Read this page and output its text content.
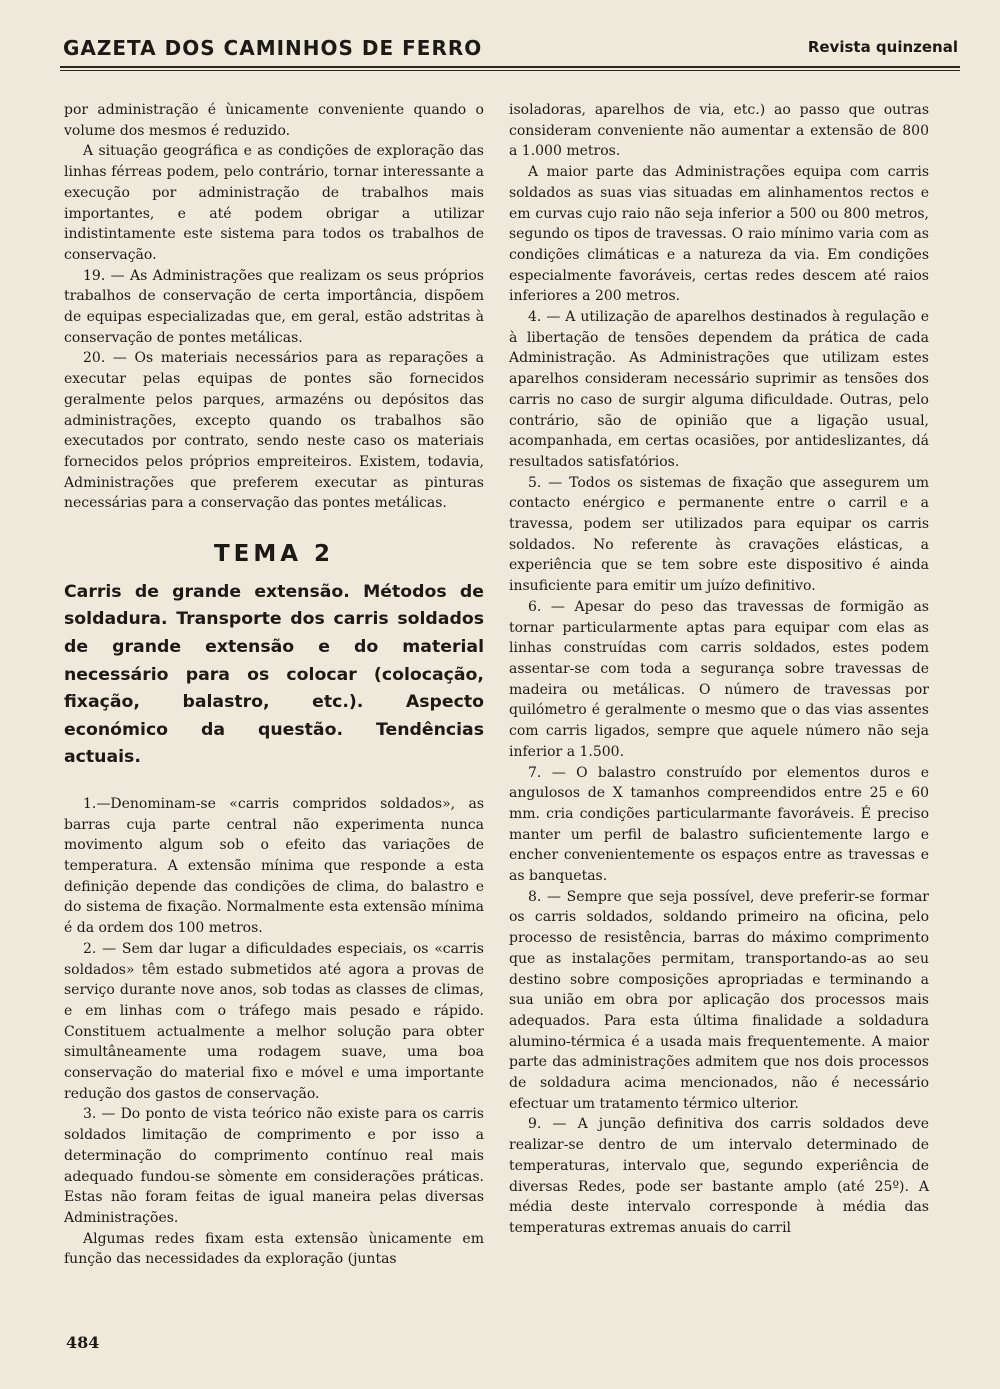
GAZETA DOS CAMINHOS DE FERRO	Revista quinzenal

por administração é ùnicamente conveniente quando o volume dos mesmos é reduzido.

A situação geográfica e as condições de exploração das linhas férreas podem, pelo contrário, tornar interessante a execução por administração de trabalhos mais importantes, e até podem obrigar a utilizar indistintamente este sistema para todos os trabalhos de conservação.

19. — As Administrações que realizam os seus próprios trabalhos de conservação de certa importância, dispõem de equipas especializadas que, em geral, estão adstritas à conservação de pontes metálicas.

20. — Os materiais necessários para as reparações a executar pelas equipas de pontes são fornecidos geralmente pelos parques, armazéns ou depósitos das administrações, excepto quando os trabalhos são executados por contrato, sendo neste caso os materiais fornecidos pelos próprios empreiteiros. Existem, todavia, Administrações que preferem executar as pinturas necessárias para a conservação das pontes metálicas.

TEMA 2
Carris de grande extensão. Métodos de soldadura. Transporte dos carris soldados de grande extensão e do material necessário para os colocar (colocação, fixação, balastro, etc.). Aspecto económico da questão. Tendências actuais.

1.—Denominam-se «carris compridos soldados», as barras cuja parte central não experimenta nunca movimento algum sob o efeito das variações de temperatura. A extensão mínima que responde a esta definição depende das condições de clima, do balastro e do sistema de fixação. Normalmente esta extensão mínima é da ordem dos 100 metros.

2. — Sem dar lugar a dificuldades especiais, os «carris soldados» têm estado submetidos até agora a provas de serviço durante nove anos, sob todas as classes de climas, e em linhas com o tráfego mais pesado e rápido. Constituem actualmente a melhor solução para obter simultâneamente uma rodagem suave, uma boa conservação do material fixo e móvel e uma importante redução dos gastos de conservação.

3. — Do ponto de vista teórico não existe para os carris soldados limitação de comprimento e por isso a determinação do comprimento contínuo real mais adequado fundou-se sòmente em considerações práticas. Estas não foram feitas de igual maneira pelas diversas Administrações.

Algumas redes fixam esta extensão ùnicamente em função das necessidades da exploração (juntas

isoladoras, aparelhos de via, etc.) ao passo que outras consideram conveniente não aumentar a extensão de 800 a 1.000 metros.

A maior parte das Administrações equipa com carris soldados as suas vias situadas em alinhamentos rectos e em curvas cujo raio não seja inferior a 500 ou 800 metros, segundo os tipos de travessas. O raio mínimo varia com as condições climáticas e a natureza da via. Em condições especialmente favoráveis, certas redes descem até raios inferiores a 200 metros.

4. — A utilização de aparelhos destinados à regulação e à libertação de tensões dependem da prática de cada Administração. As Administrações que utilizam estes aparelhos consideram necessário suprimir as tensões dos carris no caso de surgir alguma dificuldade. Outras, pelo contrário, são de opinião que a ligação usual, acompanhada, em certas ocasiões, por antideslizantes, dá resultados satisfatórios.

5. — Todos os sistemas de fixação que assegurem um contacto enérgico e permanente entre o carril e a travessa, podem ser utilizados para equipar os carris soldados. No referente às cravações elásticas, a experiência que se tem sobre este dispositivo é ainda insuficiente para emitir um juízo definitivo.

6. — Apesar do peso das travessas de formigão as tornar particularmente aptas para equipar com elas as linhas construídas com carris soldados, estes podem assentar-se com toda a segurança sobre travessas de madeira ou metálicas. O número de travessas por quilómetro é geralmente o mesmo que o das vias assentes com carris ligados, sempre que aquele número não seja inferior a 1.500.

7. — O balastro construído por elementos duros e angulosos de X tamanhos compreendidos entre 25 e 60 mm. cria condições particularmante favoráveis. É preciso manter um perfil de balastro suficientemente largo e encher convenientemente os espaços entre as travessas e as banquetas.

8. — Sempre que seja possível, deve preferir-se formar os carris soldados, soldando primeiro na oficina, pelo processo de resistência, barras do máximo comprimento que as instalações permitam, transportando-as ao seu destino sobre composições apropriadas e terminando a sua união em obra por aplicação dos processos mais adequados. Para esta última finalidade a soldadura alumino-térmica é a usada mais frequentemente. A maior parte das administrações admitem que nos dois processos de soldadura acima mencionados, não é necessário efectuar um tratamento térmico ulterior.

9. — A junção definitiva dos carris soldados deve realizar-se dentro de um intervalo determinado de temperaturas, intervalo que, segundo experiência de diversas Redes, pode ser bastante amplo (até 25º). A média deste intervalo corresponde à média das temperaturas extremas anuais do carril

484
